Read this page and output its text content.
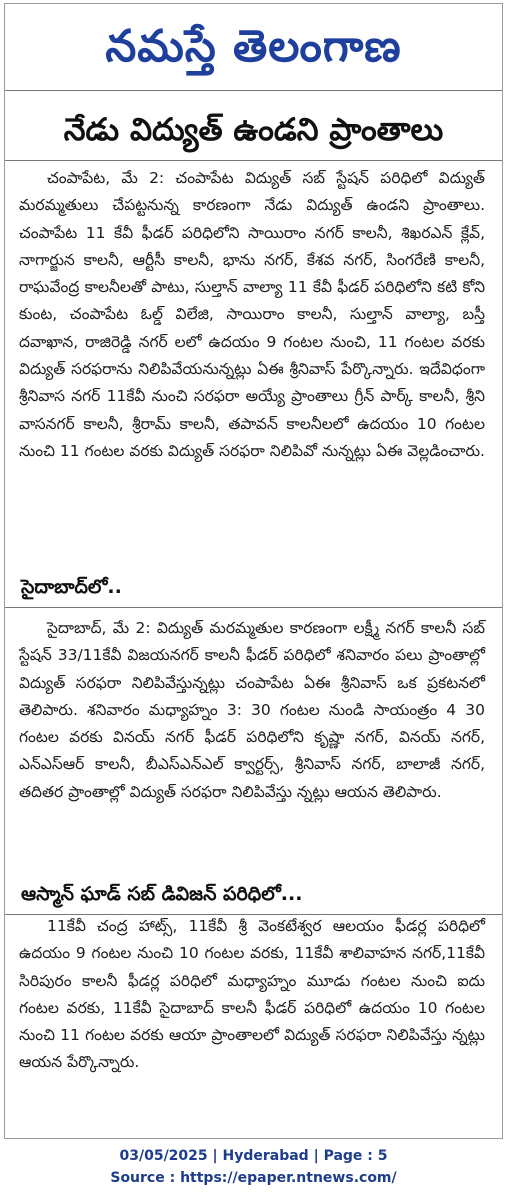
నమస్తే తెలంగాణ
నేడు విద్యుత్ ఉండని ప్రాంతాలు
చంపాపేట, మే 2: చంపాపేట విద్యుత్ సబ్ స్టేషన్ పరిధిలో విద్యుత్ మరమ్మతులు చేపట్టనున్న కారణంగా నేడు విద్యుత్ ఉండని ప్రాంతాలు. చంపాపేట 11 కేవీ ఫీడర్ పరిధిలోని సాయిరాం నగర్ కాలనీ, శిఖరఎన్ క్లేవ్, నాగార్జున కాలనీ, ఆర్టీసీ కాలనీ, భాను నగర్, కేశవ నగర్, సింగరేణి కాలనీ, రాఘవేంద్ర కాలనీలతో పాటు, సుల్తాన్ వాల్యా 11 కేవీ ఫీడర్ పరిధిలోని కటి కోని కుంట, చంపాపేట ఓల్డ్ విలేజి, సాయిరాం కాలనీ, సుల్తాన్ వాల్యా, బస్తీ దవాఖాన, రాజిరెడ్డి నగర్ లలో ఉదయం 9 గంటల నుంచి, 11 గంటల వరకు విద్యుత్ సరఫరాను నిలిపివేయనున్నట్లు ఏఈ శ్రీనివాస్ పేర్కొన్నారు. ఇదేవిధంగా శ్రీనివాస నగర్ 11కేవీ నుంచి సరఫరా అయ్యే ప్రాంతాలు గ్రీన్ పార్క్ కాలనీ, శ్రీని వాసనగర్ కాలనీ, శ్రీరామ్ కాలనీ, తపావన్ కాలనీలలో ఉదయం 10 గంటల నుంచి 11 గంటల వరకు విద్యుత్ సరఫరా నిలిపివో నున్నట్లు ఏఈ వెల్లడించారు.
సైదాబాద్‌లో..
సైదాబాద్, మే 2: విద్యుత్ మరమ్మతుల కారణంగా లక్ష్మీ నగర్ కాలనీ సబ్ స్టేషన్ 33/11కేవీ విజయనగర్ కాలనీ ఫీడర్ పరిధిలో శనివారం పలు ప్రాంతాల్లో విద్యుత్ సరఫరా నిలిపివేస్తున్నట్లు చంపాపేట ఏఈ శ్రీనివాస్ ఒక ప్రకటనలో తెలిపారు. శనివారం మధ్యాహ్నం 3: 30 గంటల నుండి సాయంత్రం 4 30 గంటల వరకు వినయ్ నగర్ ఫీడర్ పరిధిలోని కృష్ణా నగర్, వినయ్ నగర్, ఎన్ఎస్ఆర్ కాలనీ, బీఎస్ఎన్ఎల్ క్వార్టర్స్, శ్రీనివాస్ నగర్, బాలాజీ నగర్, తదితర ప్రాంతాల్లో విద్యుత్ సరఫరా నిలిపివేస్తు న్నట్లు ఆయన తెలిపారు.
ఆస్మాన్ ఘాడ్ సబ్ డివిజన్ పరిధిలో...
11కేవీ చంద్ర హాట్స్, 11కేవీ శ్రీ వెంకటేశ్వర ఆలయం ఫీడర్ల పరిధిలో ఉదయం 9 గంటల నుంచి 10 గంటల వరకు, 11కేవీ శాలివాహన నగర్,11కేవీ సిరిపురం కాలనీ ఫీడర్ల పరిధిలో మధ్యాహ్నం మూడు గంటల నుంచి ఐదు గంటల వరకు, 11కేవీ సైదాబాద్ కాలనీ ఫీడర్ పరిధిలో ఉదయం 10 గంటల నుంచి 11 గంటల వరకు ఆయా ప్రాంతాలలో విద్యుత్ సరఫరా నిలిపివేస్తు న్నట్లు ఆయన పేర్కొన్నారు.
03/05/2025 | Hyderabad | Page : 5
Source : https://epaper.ntnews.com/
